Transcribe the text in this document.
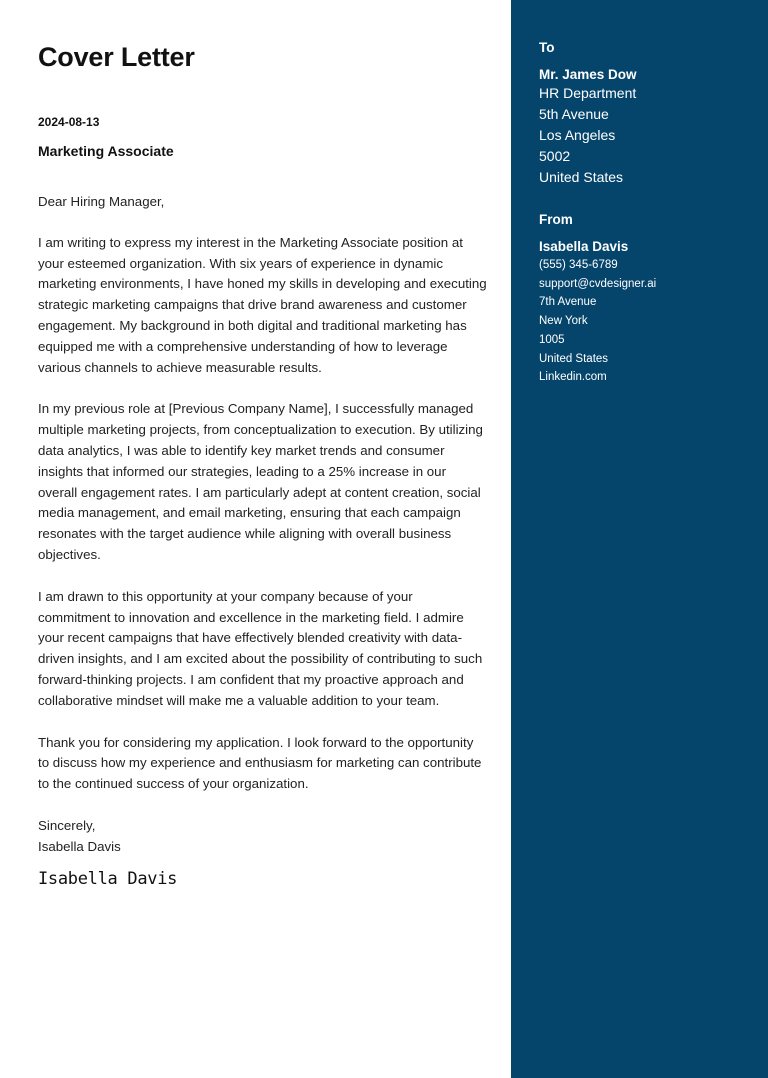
Cover Letter
2024-08-13
Marketing Associate

Dear Hiring Manager,

I am writing to express my interest in the Marketing Associate position at your esteemed organization. With six years of experience in dynamic marketing environments, I have honed my skills in developing and executing strategic marketing campaigns that drive brand awareness and customer engagement. My background in both digital and traditional marketing has equipped me with a comprehensive understanding of how to leverage various channels to achieve measurable results.

In my previous role at [Previous Company Name], I successfully managed multiple marketing projects, from conceptualization to execution. By utilizing data analytics, I was able to identify key market trends and consumer insights that informed our strategies, leading to a 25% increase in our overall engagement rates. I am particularly adept at content creation, social media management, and email marketing, ensuring that each campaign resonates with the target audience while aligning with overall business objectives.

I am drawn to this opportunity at your company because of your commitment to innovation and excellence in the marketing field. I admire your recent campaigns that have effectively blended creativity with data-driven insights, and I am excited about the possibility of contributing to such forward-thinking projects. I am confident that my proactive approach and collaborative mindset will make me a valuable addition to your team.

Thank you for considering my application. I look forward to the opportunity to discuss how my experience and enthusiasm for marketing can contribute to the continued success of your organization.

Sincerely,
Isabella Davis
Isabella Davis
To
Mr. James Dow
HR Department
5th Avenue
Los Angeles
5002
United States
From
Isabella Davis
(555) 345-6789
support@cvdesigner.ai
7th Avenue
New York
1005
United States
Linkedin.com
